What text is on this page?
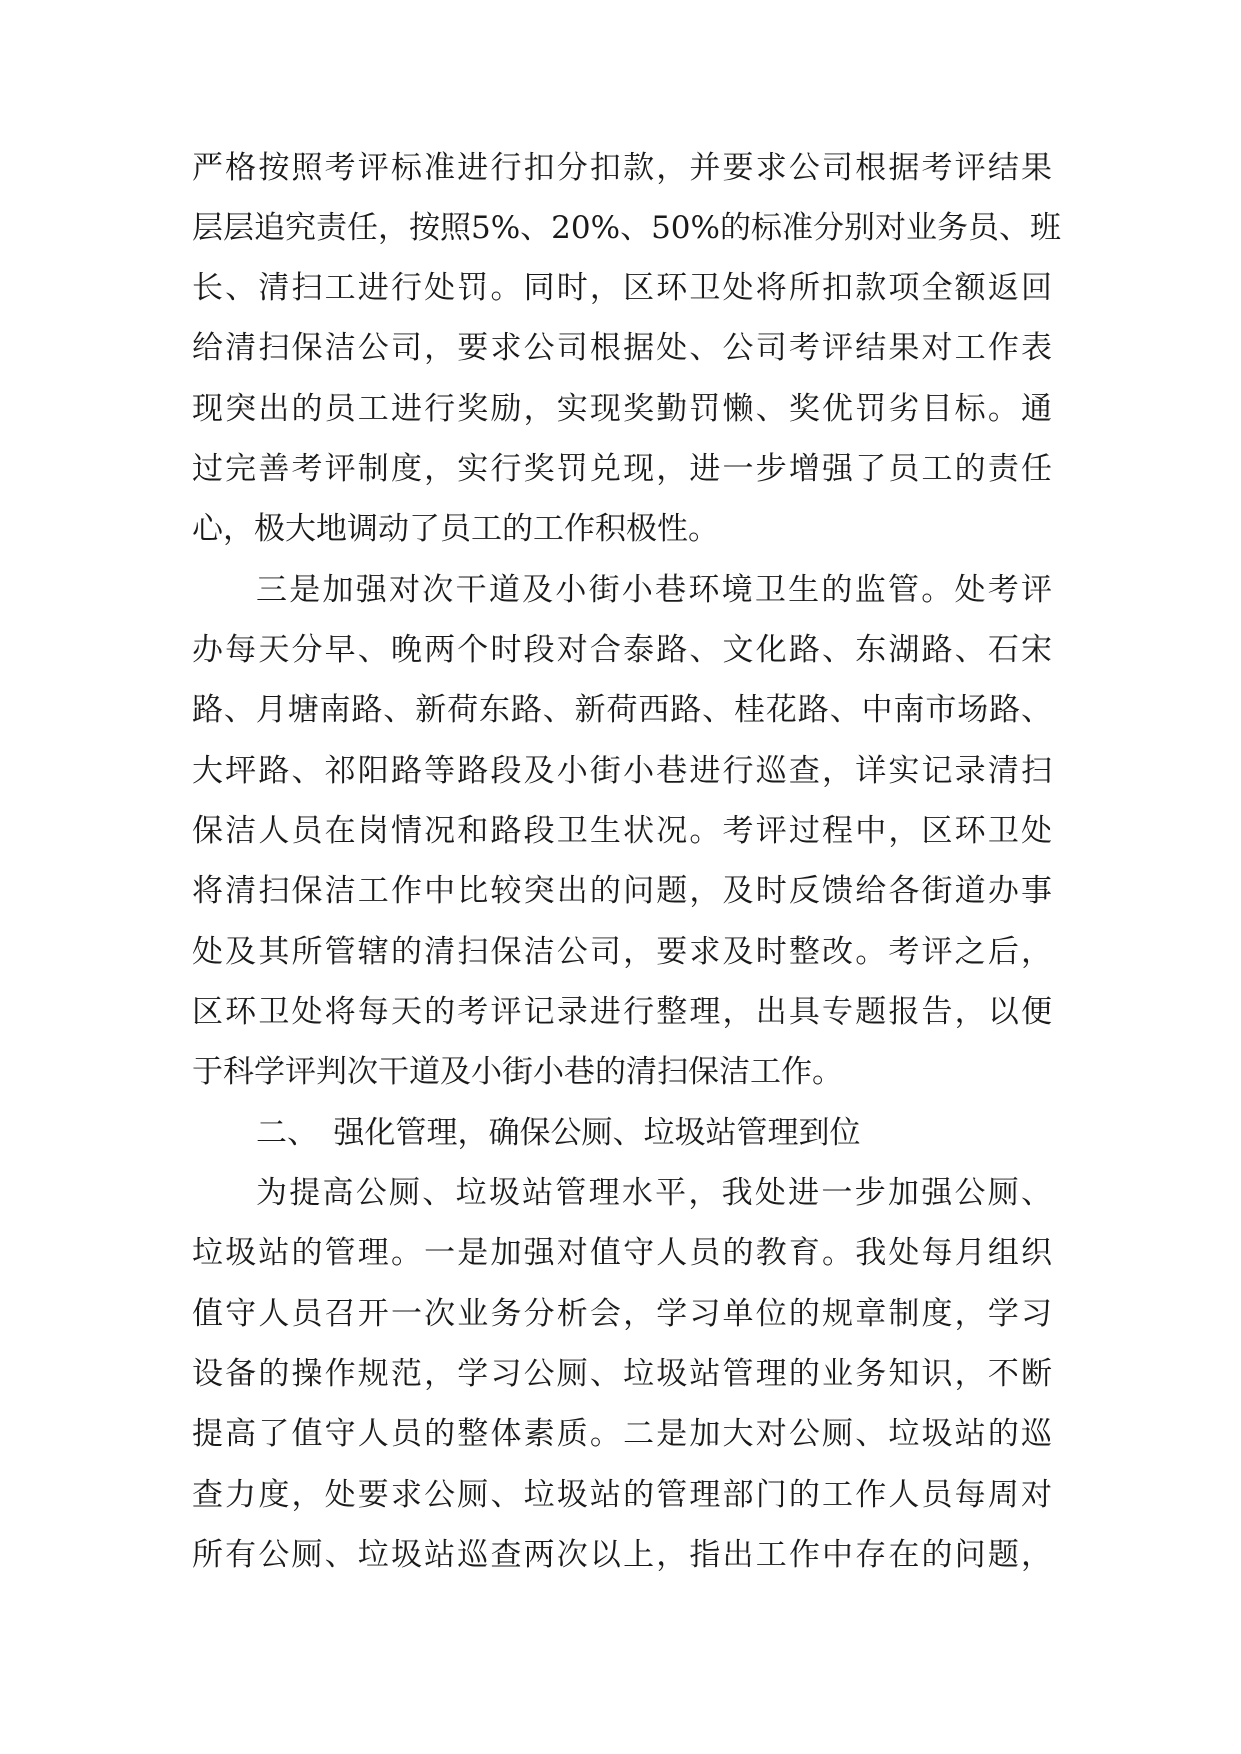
严格按照考评标准进行扣分扣款，并要求公司根据考评结果
层层追究责任，按照5%、20%、50%的标准分别对业务员、班
长、清扫工进行处罚。同时，区环卫处将所扣款项全额返回
给清扫保洁公司，要求公司根据处、公司考评结果对工作表
现突出的员工进行奖励，实现奖勤罚懒、奖优罚劣目标。通
过完善考评制度，实行奖罚兑现，进一步增强了员工的责任
心，极大地调动了员工的工作积极性。
三是加强对次干道及小街小巷环境卫生的监管。处考评
办每天分早、晚两个时段对合泰路、文化路、东湖路、石宋
路、月塘南路、新荷东路、新荷西路、桂花路、中南市场路、
大坪路、祁阳路等路段及小街小巷进行巡查，详实记录清扫
保洁人员在岗情况和路段卫生状况。考评过程中，区环卫处
将清扫保洁工作中比较突出的问题，及时反馈给各街道办事
处及其所管辖的清扫保洁公司，要求及时整改。考评之后，
区环卫处将每天的考评记录进行整理，出具专题报告，以便
于科学评判次干道及小街小巷的清扫保洁工作。
二、　强化管理，确保公厕、垃圾站管理到位
为提高公厕、垃圾站管理水平，我处进一步加强公厕、
垃圾站的管理。一是加强对值守人员的教育。我处每月组织
值守人员召开一次业务分析会，学习单位的规章制度，学习
设备的操作规范，学习公厕、垃圾站管理的业务知识，不断
提高了值守人员的整体素质。二是加大对公厕、垃圾站的巡
查力度，处要求公厕、垃圾站的管理部门的工作人员每周对
所有公厕、垃圾站巡查两次以上，指出工作中存在的问题，
